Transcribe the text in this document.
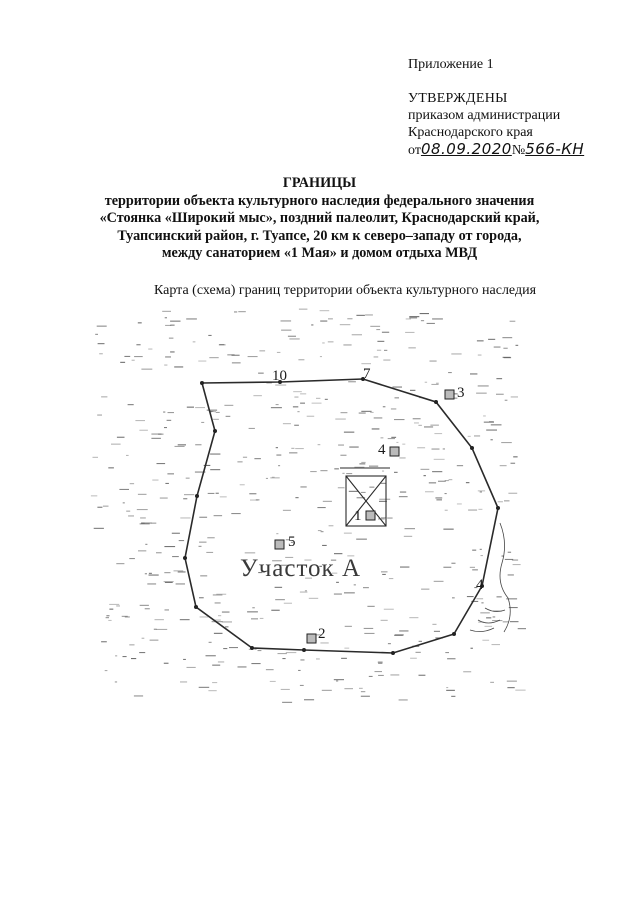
Приложение 1
УТВЕРЖДЕНЫ
приказом администрации
Краснодарского края
от08.09.2020№566-КН
ГРАНИЦЫ
территории объекта культурного наследия федерального значения
«Стоянка «Широкий мыс», поздний палеолит, Краснодарский край,
Туапсинский район, г. Туапсе, 20 км к северо–западу от города,
между санаторием «1 Мая» и домом отдыха МВД
Карта (схема) границ территории объекта культурного наследия
1
2
3
4
5
10	7
4
Участок А
